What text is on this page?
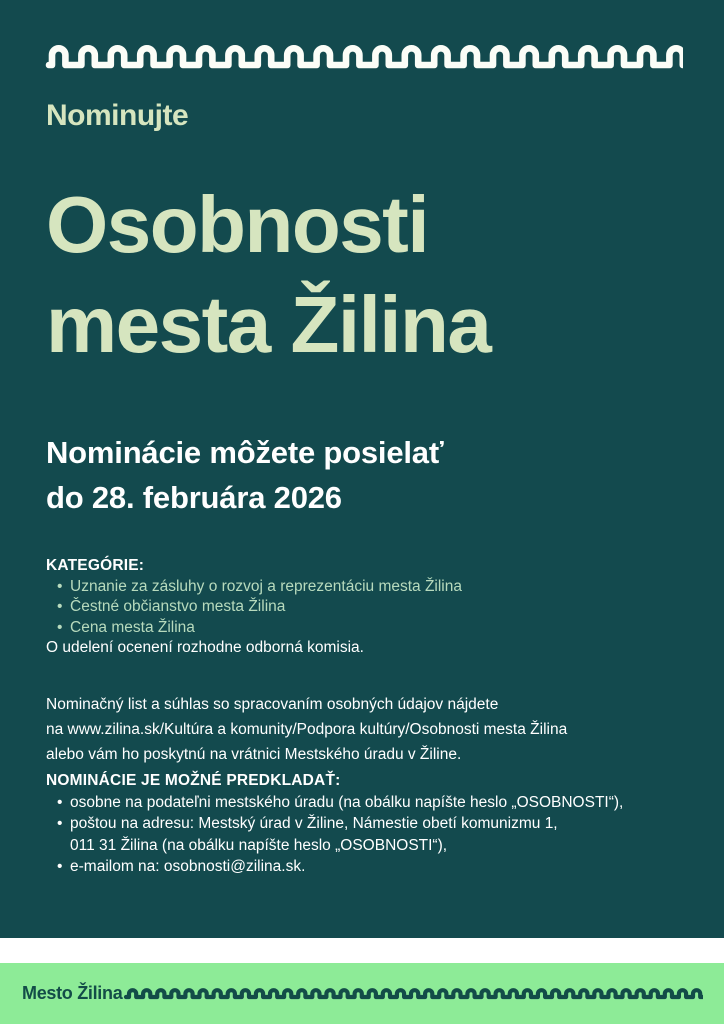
Nominujte
Osobnosti
mesta Žilina
Nominácie môžete posielať
do 28. februára 2026
KATEGÓRIE:
• Uznanie za zásluhy o rozvoj a reprezentáciu mesta Žilina
• Čestné občianstvo mesta Žilina
• Cena mesta Žilina
O udelení ocenení rozhodne odborná komisia.
Nominačný list a súhlas so spracovaním osobných údajov nájdete
na www.zilina.sk/Kultúra a komunity/Podpora kultúry/Osobnosti mesta Žilina
alebo vám ho poskytnú na vrátnici Mestského úradu v Žiline.
NOMINÁCIE JE MOŽNÉ PREDKLADAŤ:
• osobne na podateľni mestského úradu (na obálku napíšte heslo „OSOBNOSTI“),
• poštou na adresu: Mestský úrad v Žiline, Námestie obetí komunizmu 1,
011 31 Žilina (na obálku napíšte heslo „OSOBNOSTI“),
• e-mailom na: osobnosti@zilina.sk.
Mesto Žilina
